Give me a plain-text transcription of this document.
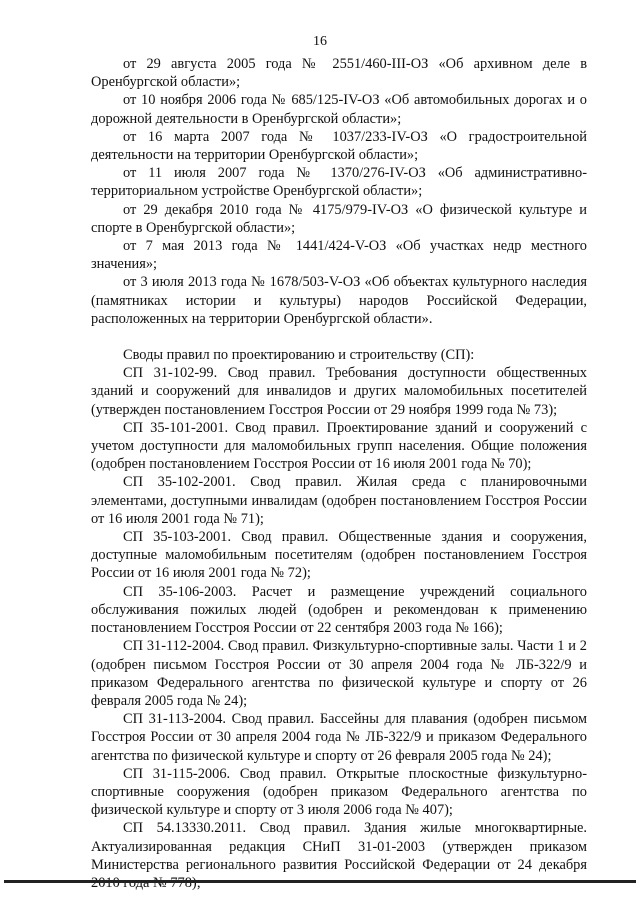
16

от 29 августа 2005 года № 2551/460-III-ОЗ «Об архивном деле в Оренбургской области»;

от 10 ноября 2006 года № 685/125-IV-ОЗ «Об автомобильных дорогах и о дорожной деятельности в Оренбургской области»;

от 16 марта 2007 года № 1037/233-IV-ОЗ «О градостроительной деятельности на территории Оренбургской области»;

от 11 июля 2007 года № 1370/276-IV-ОЗ «Об административно-территориальном устройстве Оренбургской области»;

от 29 декабря 2010 года № 4175/979-IV-ОЗ «О физической культуре и спорте в Оренбургской области»;

от 7 мая 2013 года № 1441/424-V-ОЗ «Об участках недр местного значения»;

от 3 июля 2013 года № 1678/503-V-ОЗ «Об объектах культурного наследия (памятниках истории и культуры) народов Российской Федерации, расположенных на территории Оренбургской области».

Своды правил по проектированию и строительству (СП):

СП 31-102-99. Свод правил. Требования доступности общественных зданий и сооружений для инвалидов и других маломобильных посетителей (утвержден постановлением Госстроя России от 29 ноября 1999 года № 73);

СП 35-101-2001. Свод правил. Проектирование зданий и сооружений с учетом доступности для маломобильных групп населения. Общие положения (одобрен постановлением Госстроя России от 16 июля 2001 года № 70);

СП 35-102-2001. Свод правил. Жилая среда с планировочными элементами, доступными инвалидам (одобрен постановлением Госстроя России от 16 июля 2001 года № 71);

СП 35-103-2001. Свод правил. Общественные здания и сооружения, доступные маломобильным посетителям (одобрен постановлением Госстроя России от 16 июля 2001 года № 72);

СП 35-106-2003. Расчет и размещение учреждений социального обслуживания пожилых людей (одобрен и рекомендован к применению постановлением Госстроя России от 22 сентября 2003 года № 166);

СП 31-112-2004. Свод правил. Физкультурно-спортивные залы. Части 1 и 2 (одобрен письмом Госстроя России от 30 апреля 2004 года № ЛБ-322/9 и приказом Федерального агентства по физической культуре и спорту от 26 февраля 2005 года № 24);

СП 31-113-2004. Свод правил. Бассейны для плавания (одобрен письмом Госстроя России от 30 апреля 2004 года № ЛБ-322/9 и приказом Федерального агентства по физической культуре и спорту от 26 февраля 2005 года № 24);

СП 31-115-2006. Свод правил. Открытые плоскостные физкультурно-спортивные сооружения (одобрен приказом Федерального агентства по физической культуре и спорту от 3 июля 2006 года № 407);

СП 54.13330.2011. Свод правил. Здания жилые многоквартирные. Актуализированная редакция СНиП 31-01-2003 (утвержден приказом Министерства регионального развития Российской Федерации от 24 декабря
